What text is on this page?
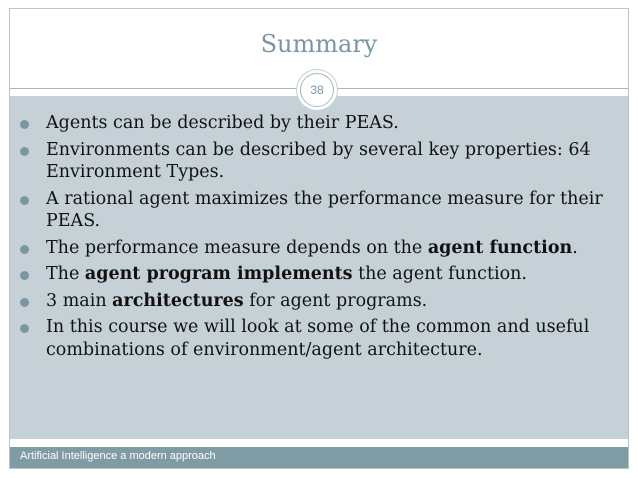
Summary
38
Agents can be described by their PEAS.
Environments can be described by several key properties: 64 Environment Types.
A rational agent maximizes the performance measure for their PEAS.
The performance measure depends on the agent function.
The agent program implements the agent function.
3 main architectures for agent programs.
In this course we will look at some of the common and useful combinations of environment/agent architecture.
Artificial Intelligence a modern approach
